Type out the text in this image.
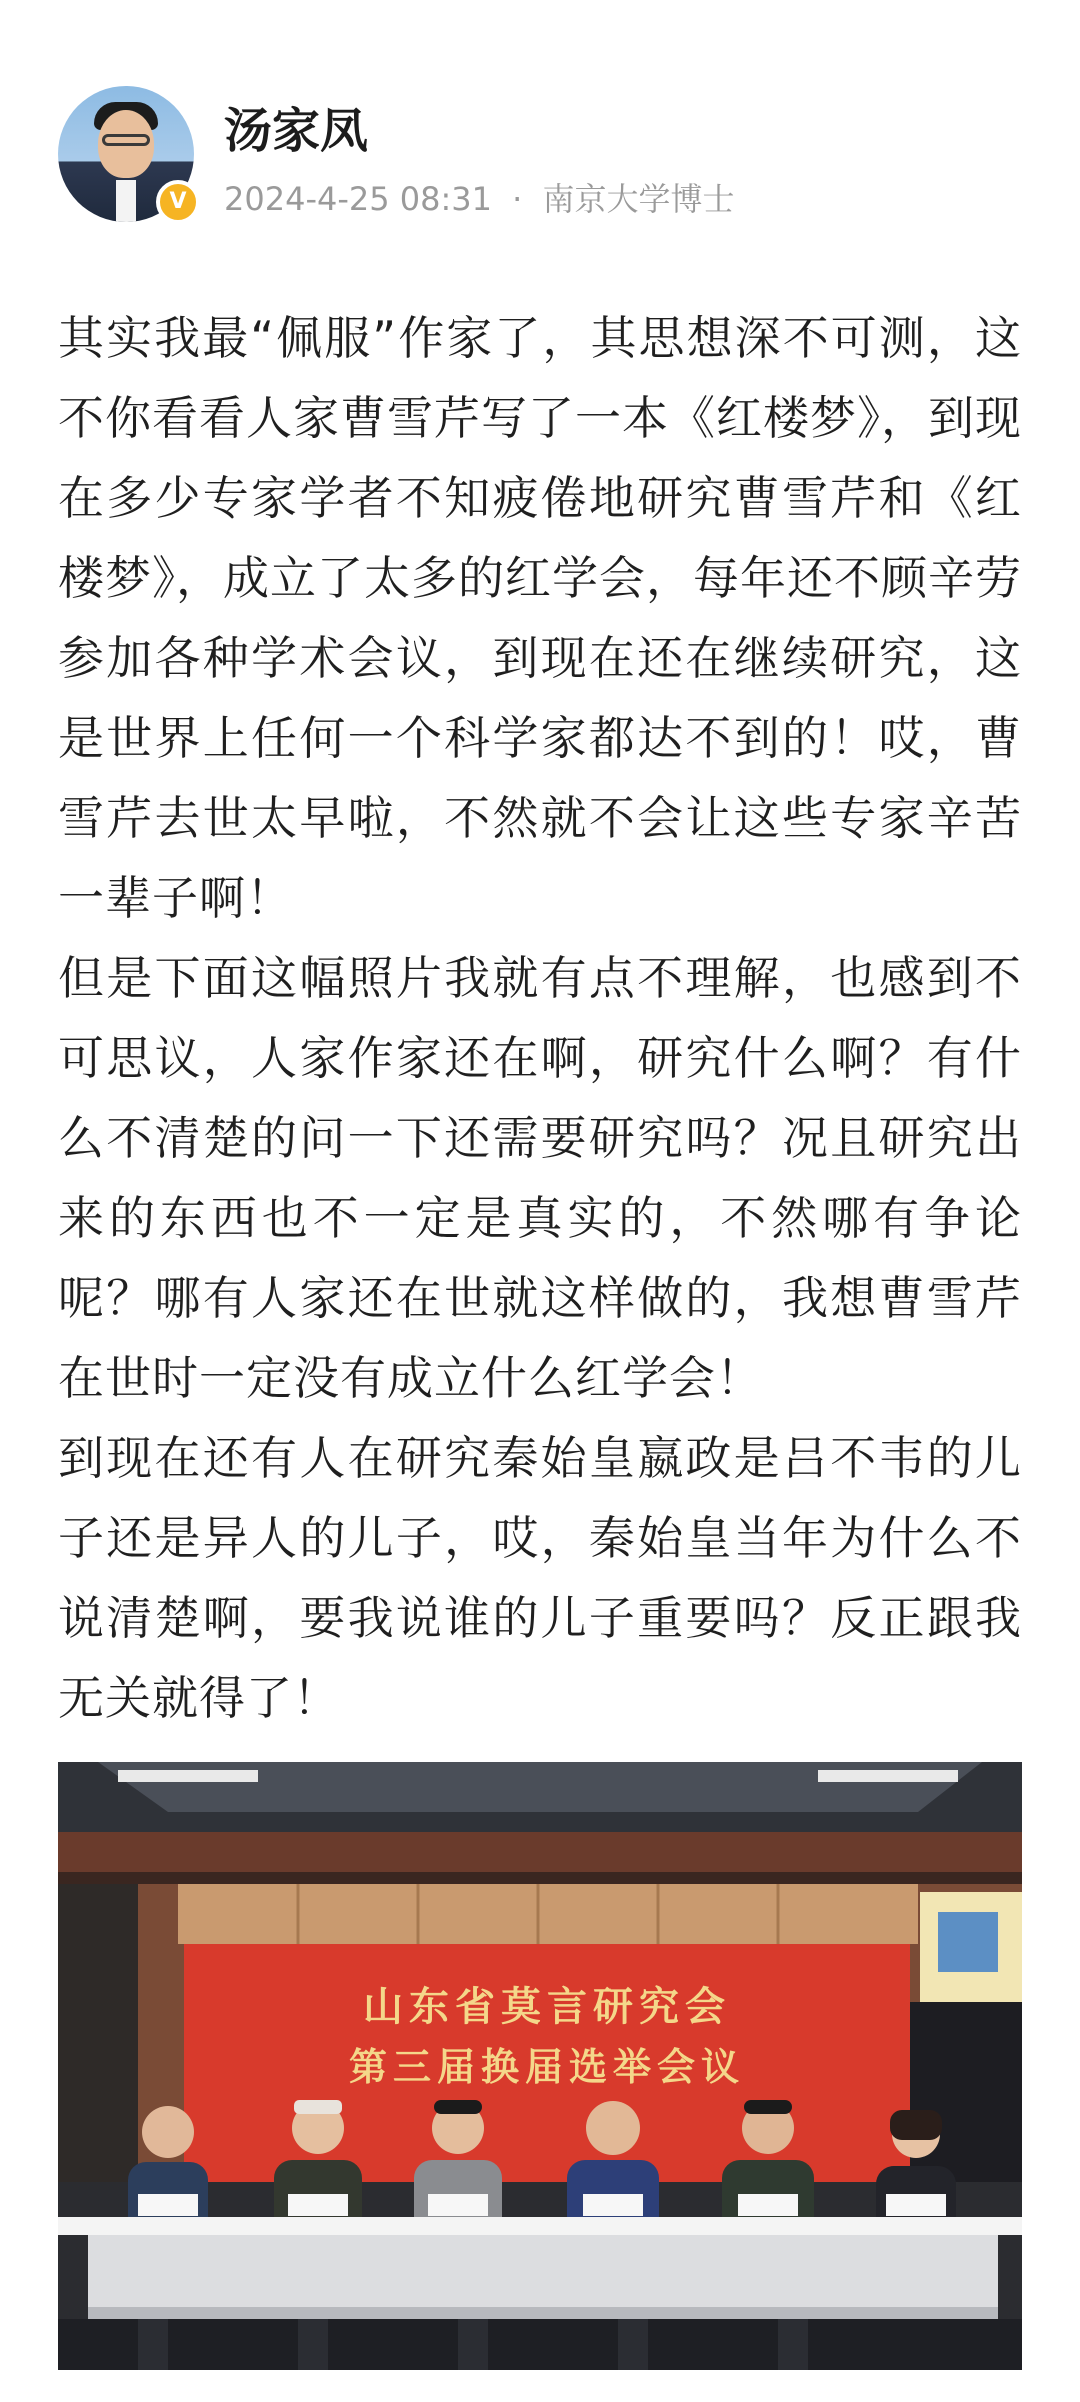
V
汤家凤
2024-4-25 08:31 · 南京大学博士

其实我最“佩服”作家了，其思想深不可测，这不你看看人家曹雪芹写了一本《红楼梦》，到现在多少专家学者不知疲倦地研究曹雪芹和《红楼梦》，成立了太多的红学会，每年还不顾辛劳参加各种学术会议，到现在还在继续研究，这是世界上任何一个科学家都达不到的！哎，曹雪芹去世太早啦，不然就不会让这些专家辛苦一辈子啊！

但是下面这幅照片我就有点不理解，也感到不可思议，人家作家还在啊，研究什么啊？有什么不清楚的问一下还需要研究吗？况且研究出来的东西也不一定是真实的，不然哪有争论呢？哪有人家还在世就这样做的，我想曹雪芹在世时一定没有成立什么红学会！

到现在还有人在研究秦始皇嬴政是吕不韦的儿子还是异人的儿子，哎，秦始皇当年为什么不说清楚啊，要我说谁的儿子重要吗？反正跟我无关就得了！

山东省莫言研究会
第三届换届选举会议
